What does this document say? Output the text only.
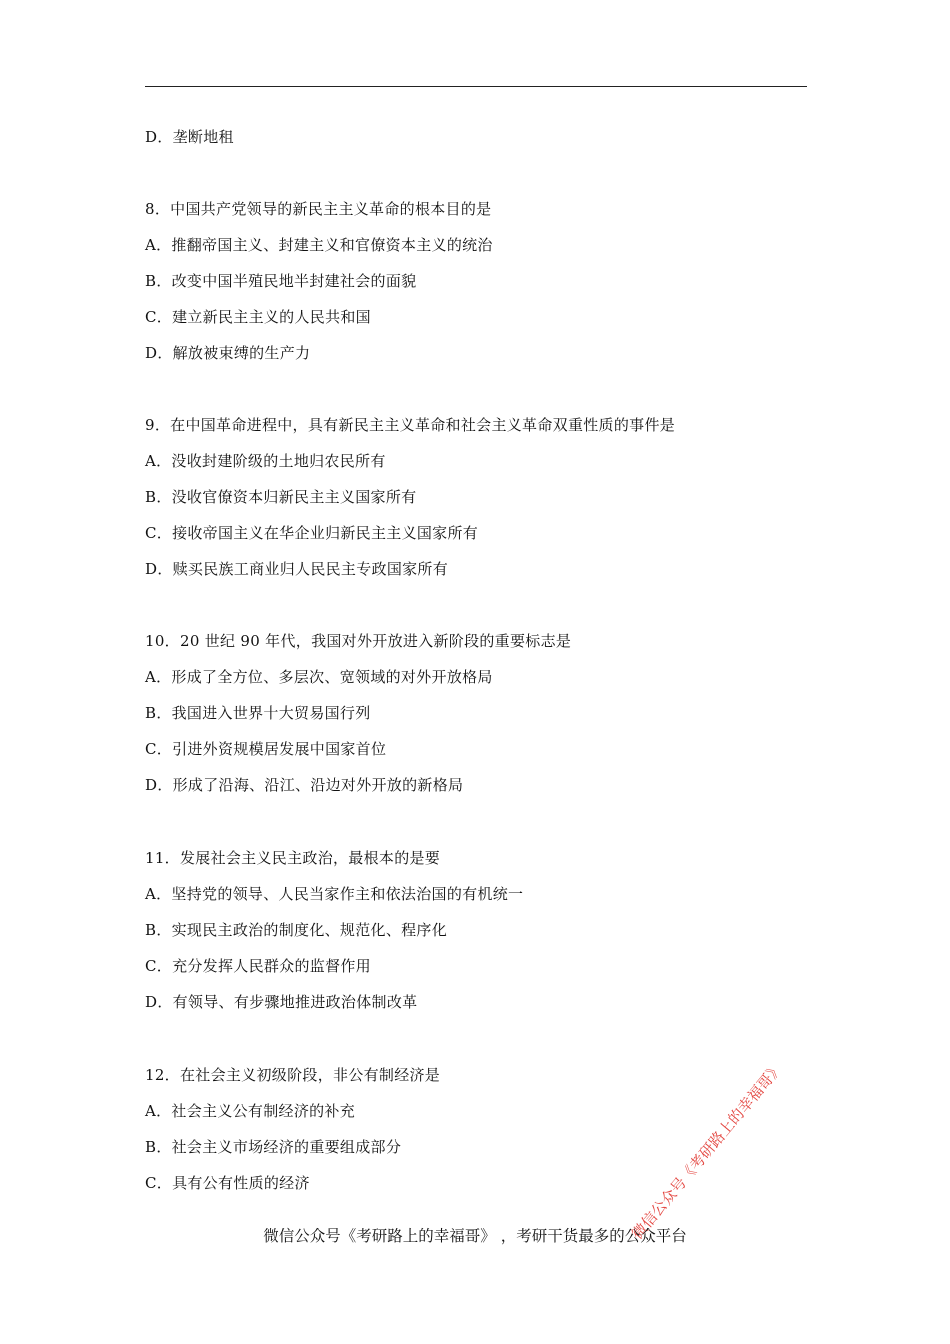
D．垄断地租
8．中国共产党领导的新民主主义革命的根本目的是
A．推翻帝国主义、封建主义和官僚资本主义的统治
B．改变中国半殖民地半封建社会的面貌
C．建立新民主主义的人民共和国
D．解放被束缚的生产力
9．在中国革命进程中，具有新民主主义革命和社会主义革命双重性质的事件是
A．没收封建阶级的土地归农民所有
B．没收官僚资本归新民主主义国家所有
C．接收帝国主义在华企业归新民主主义国家所有
D．赎买民族工商业归人民民主专政国家所有
10．20 世纪 90 年代，我国对外开放进入新阶段的重要标志是
A．形成了全方位、多层次、宽领域的对外开放格局
B．我国进入世界十大贸易国行列
C．引进外资规模居发展中国家首位
D．形成了沿海、沿江、沿边对外开放的新格局
11．发展社会主义民主政治，最根本的是要
A．坚持党的领导、人民当家作主和依法治国的有机统一
B．实现民主政治的制度化、规范化、程序化
C．充分发挥人民群众的监督作用
D．有领导、有步骤地推进政治体制改革
12．在社会主义初级阶段，非公有制经济是
A．社会主义公有制经济的补充
B．社会主义市场经济的重要组成部分
C．具有公有性质的经济	微信公众号《考研路上的幸福哥》
微信公众号《考研路上的幸福哥》 ，考研干货最多的公众平台
